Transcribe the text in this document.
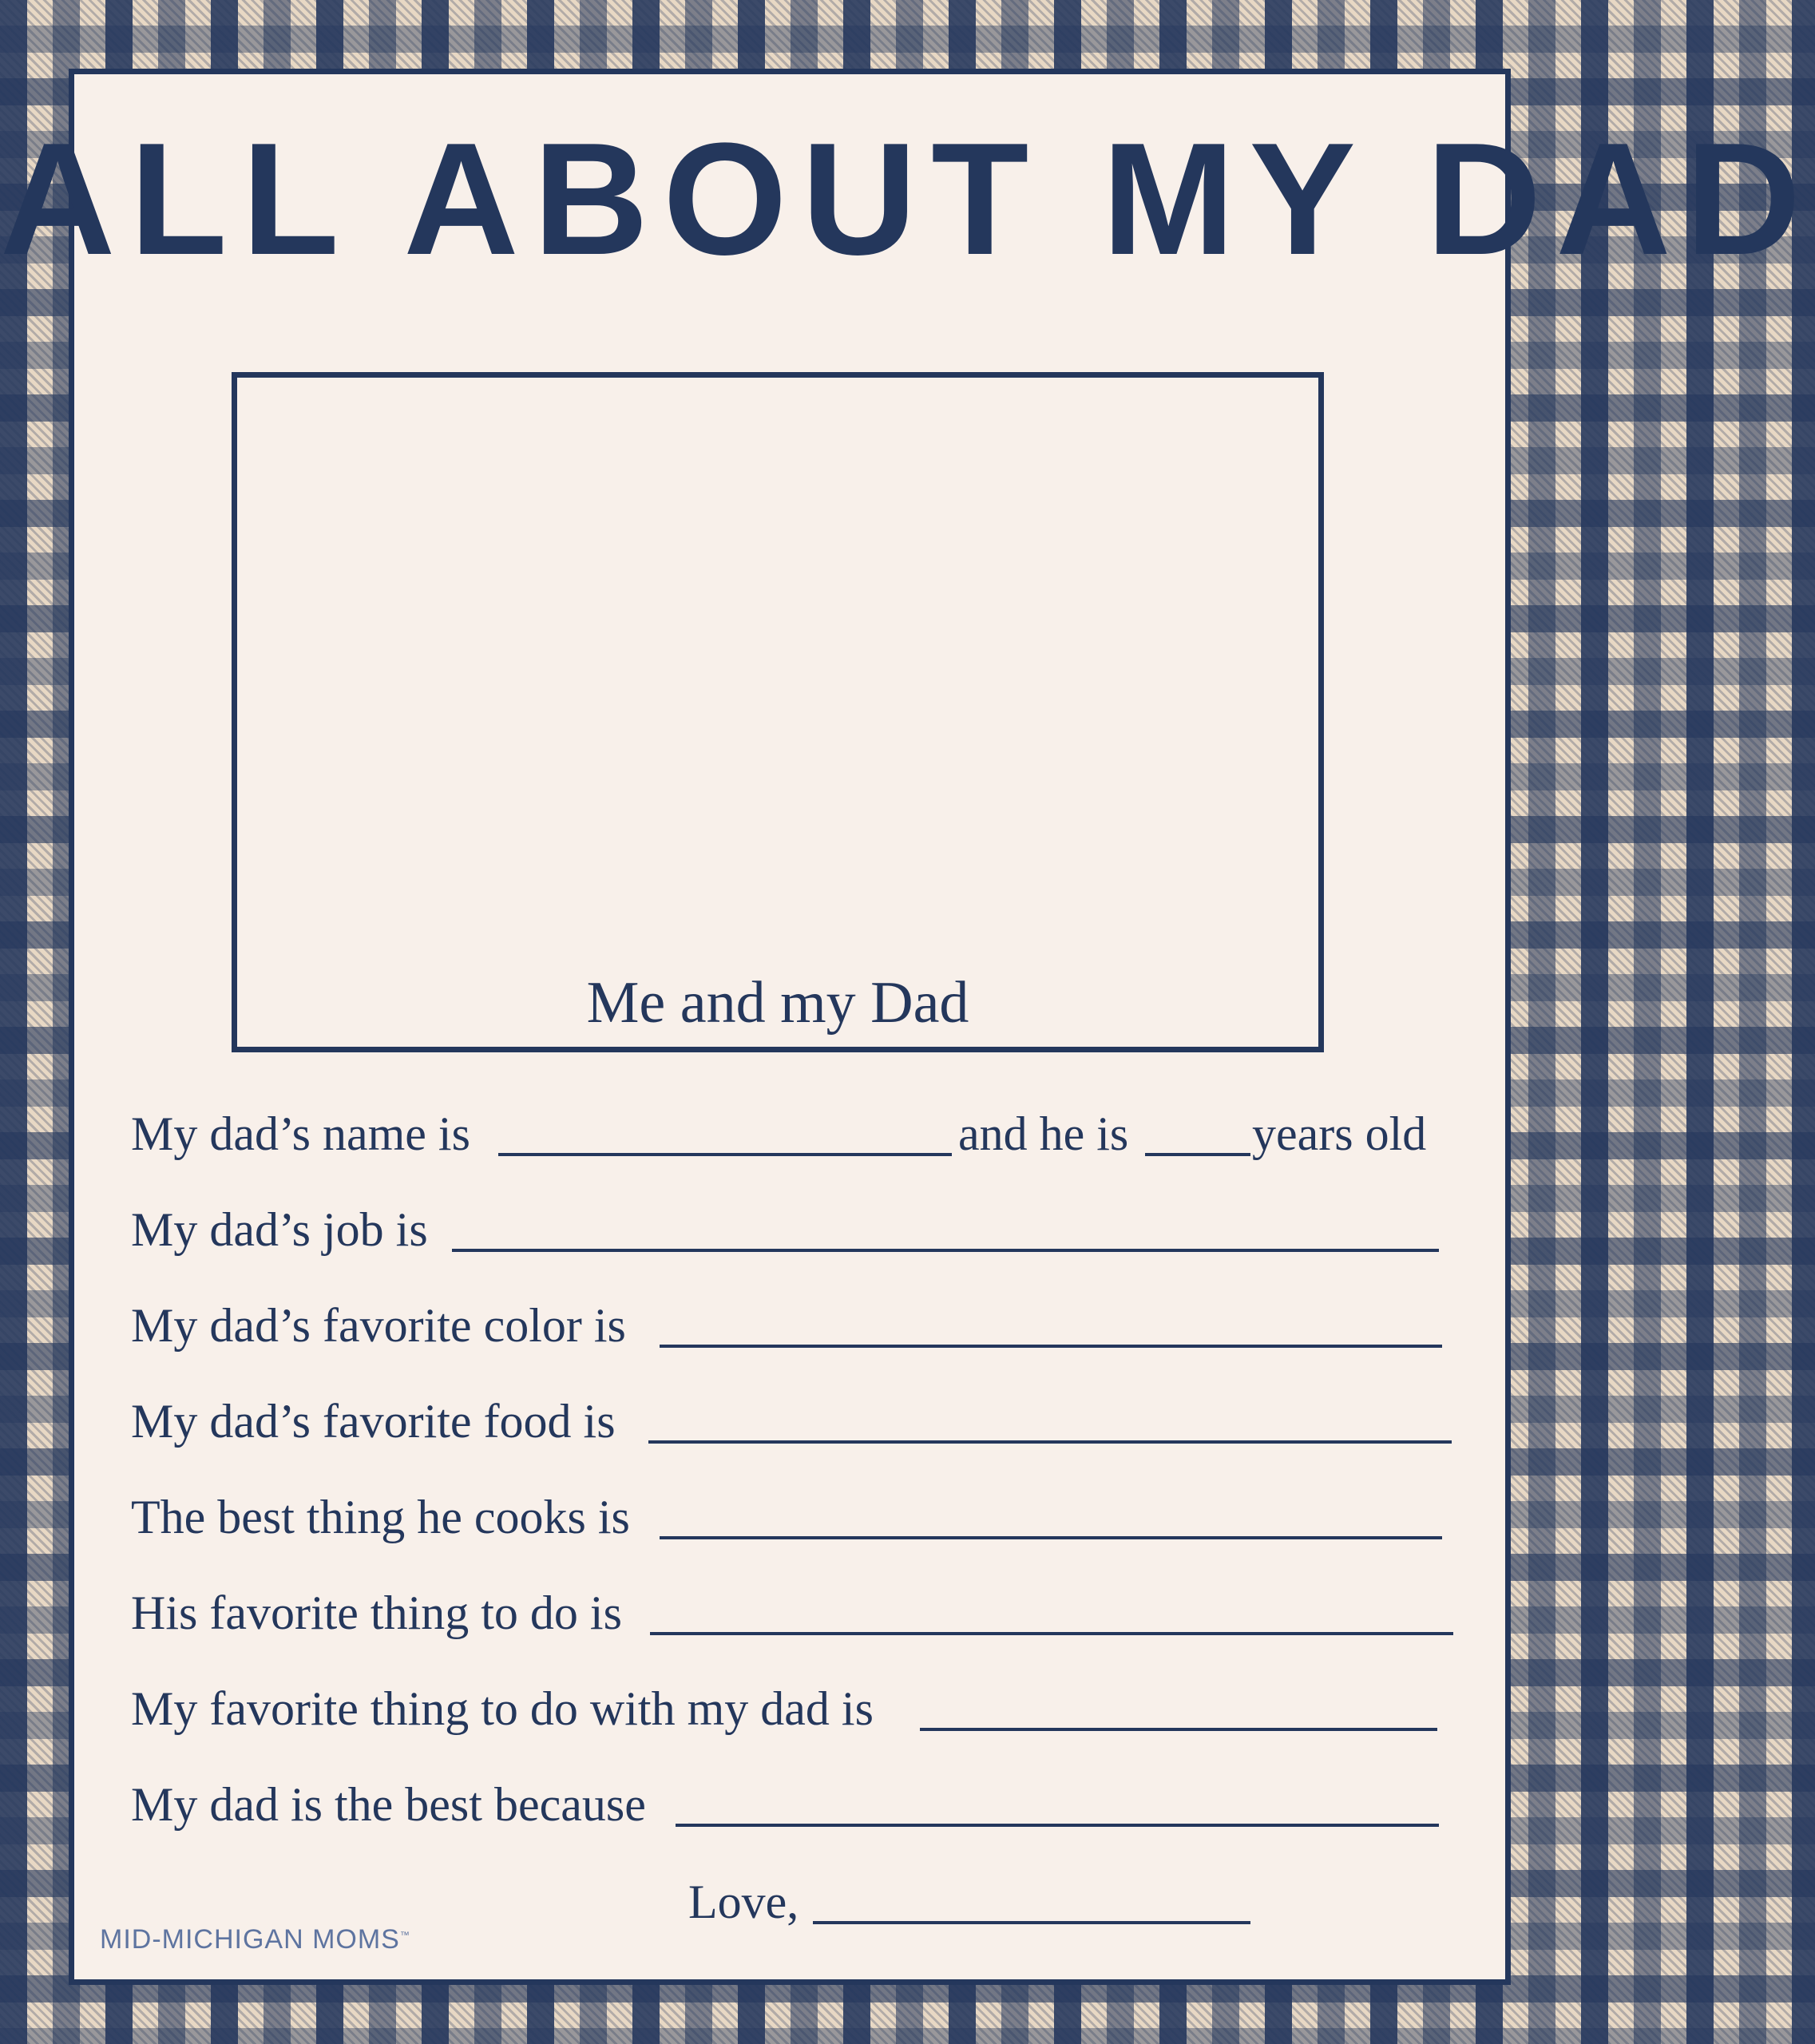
ALL ABOUT MY DAD
Me and my Dad
My dad’s name is	and he is	years old
My dad’s job is
My dad’s favorite color is
My dad’s favorite food is
The best thing he cooks is
His favorite thing to do is
My favorite thing to do with my dad is
My dad is the best because
Love,
MID-MICHIGAN MOMS™
